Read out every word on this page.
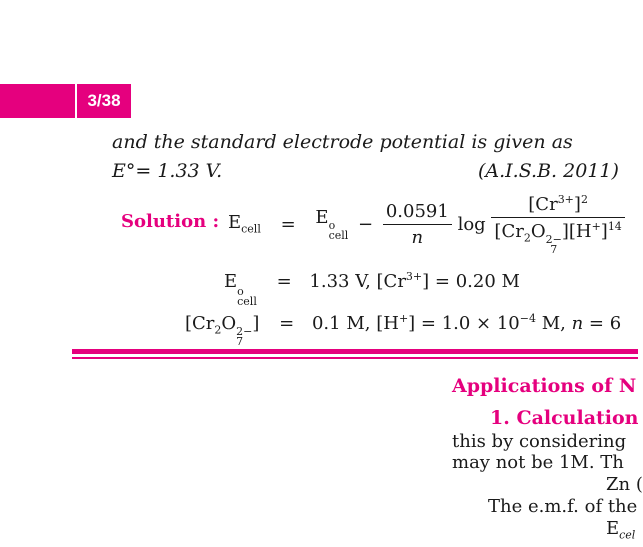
3/38
and the standard electrode potential is given as
E°= 1.33 V.	(A.I.S.B. 2011)
Solution : $E_{cell} = E$ o
cell
− $\frac{0.0591}{n}$ $\log [Cr^{3+}]^2$
[$Cr_2O$ 2−
7
]$[H^+]^{14}$
E o
cell
= 1.33 V, $[Cr^{3+}] = 0.20$ M
[$Cr_2O$ 2−
7
] = 0.1 M, $[H^+] = 1.0 \times 10^{-4}$ M, n = 6
Applications of N
1. Calculation
this by considering
may not be 1M. Th
Zn (
The e.m.f. of the
$E_{cel}$
